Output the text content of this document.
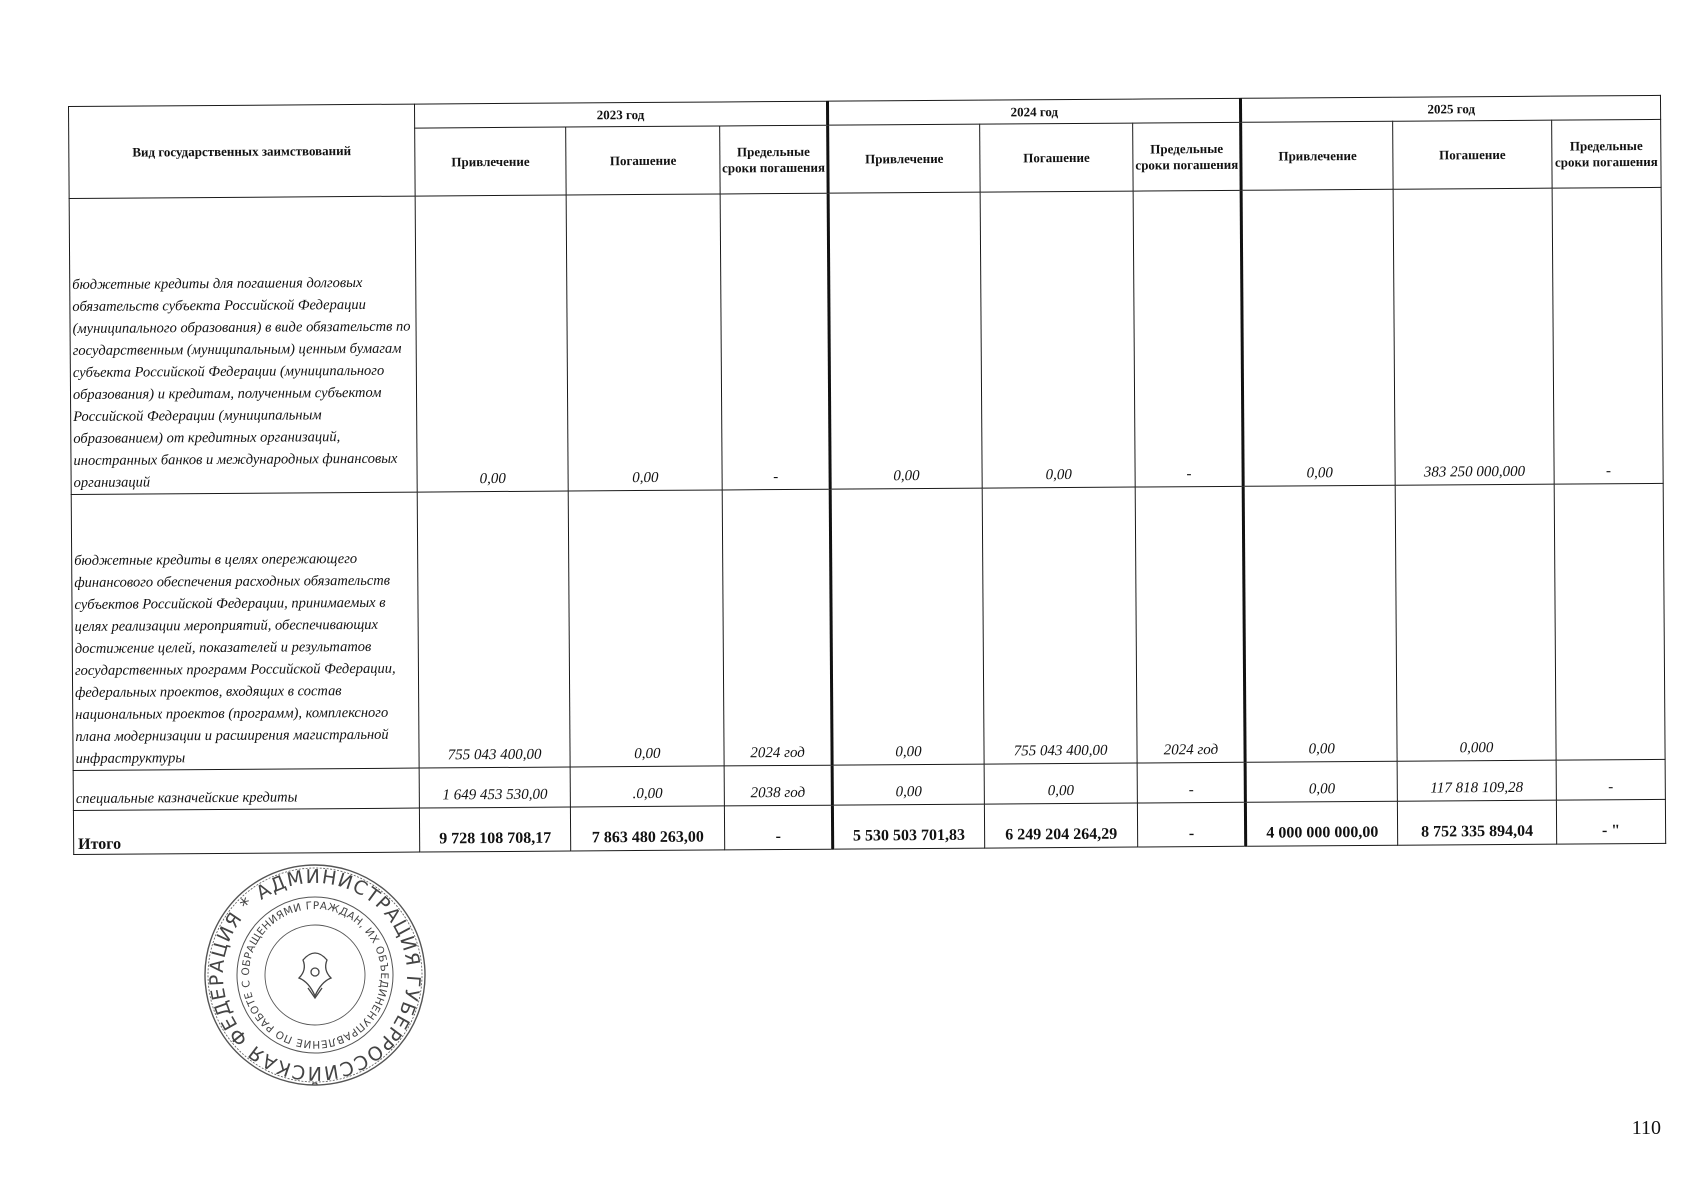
Вид государственных заимствований	2023 год			2024 год			2025 год		
	Привлечение	Погашение	Предельные сроки погашения	Привлечение	Погашение	Предельные сроки погашения	Привлечение	Погашение	Предельные сроки погашения
бюджетные кредиты для погашения долговых обязательств субъекта Российской Федерации (муниципального образования) в виде обязательств по государственным (муниципальным) ценным бумагам субъекта Российской Федерации (муниципального образования) и кредитам, полученным субъектом Российской Федерации (муниципальным образованием) от кредитных организаций, иностранных банков и международных финансовых организаций	0,00	0,00	-	0,00	0,00	-	0,00	383 250 000,000	-
бюджетные кредиты в целях опережающего финансового обеспечения расходных обязательств субъектов Российской Федерации, принимаемых в целях реализации мероприятий, обеспечивающих достижение целей, показателей и результатов государственных программ Российской Федерации, федеральных проектов, входящих в состав национальных проектов (программ), комплексного плана модернизации и расширения магистральной инфраструктуры	755 043 400,00	0,00	2024 год	0,00	755 043 400,00	2024 год	0,00	0,000	
специальные казначейские кредиты	1 649 453 530,00	.0,00	2038 год	0,00	0,00	-	0,00	117 818 109,28	-
Итого	9 728 108 708,17	7 863 480 263,00	-	5 530 503 701,83	6 249 204 264,29	-	4 000 000 000,00	8 752 335 894,04	- "
РОССИЙСКАЯ ФЕДЕРАЦИЯ * АДМИНИСТРАЦИЯ ГУБЕРНАТОРА
УПРАВЛЕНИЕ ПО РАБОТЕ С ОБРАЩЕНИЯМИ ГРАЖДАН, ИХ ОБЪЕДИНЕНИЙ
110
